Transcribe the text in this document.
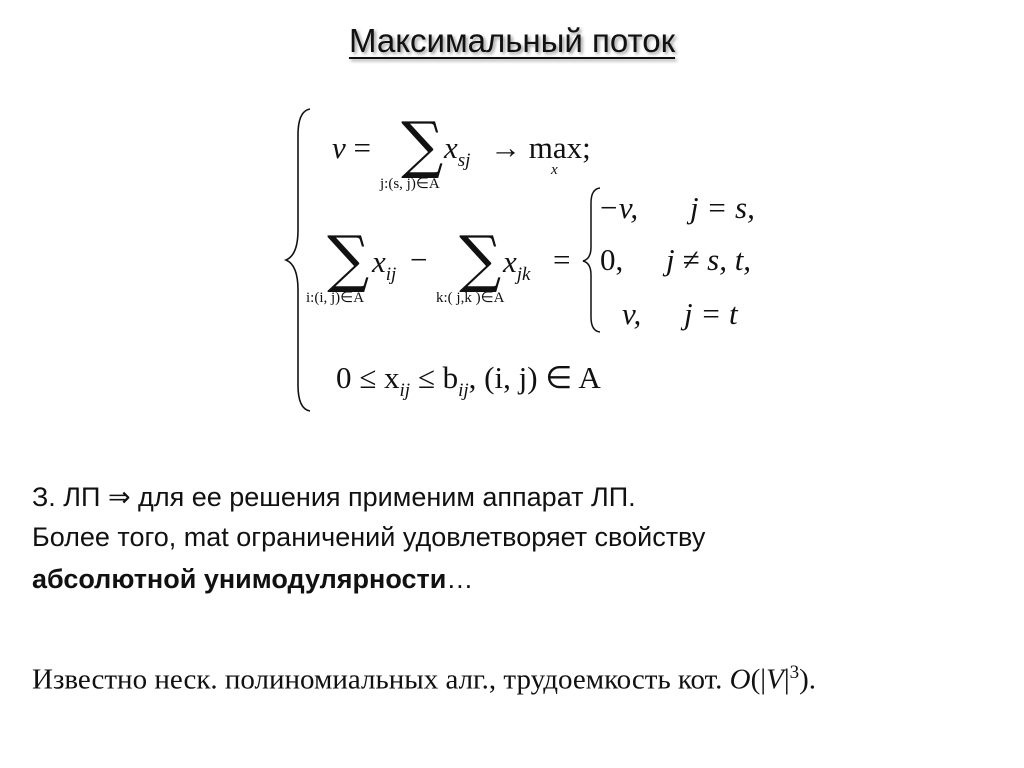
Максимальный поток
v = ∑ $x_{sj} \to \max$;
x
j:(s, j)∈A
∑ $x_{ij}$ − ∑ $x_{jk}$ =
i:(i, j)∈A	k:( j,k )∈A
−v, j = s,
0, j ≠ s, t,
v, j = t
$0 \le x_{ij} \le b_{ij}$, (i, j) ∈ A
З. ЛП ⇒ для ее решения применим аппарат ЛП.
Более того, mat ограничений удовлетворяет свойству
абсолютной унимодулярности…
Известно неск. полиномиальных алг., трудоемкость кот. $O(|V|^3)$.
